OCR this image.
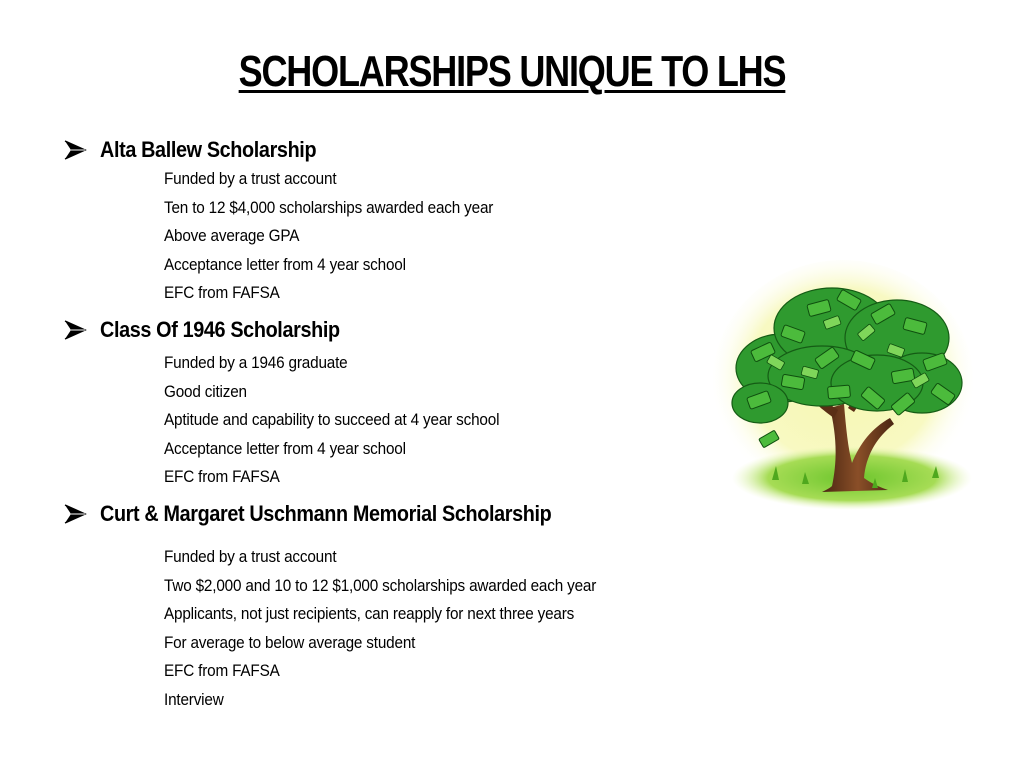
SCHOLARSHIPS UNIQUE TO LHS
Alta Ballew Scholarship
Funded by a trust account
Ten to 12 $4,000 scholarships awarded each year
Above average GPA
Acceptance letter from 4 year school
EFC from FAFSA
Class Of 1946 Scholarship
Funded by a 1946 graduate
Good citizen
Aptitude and capability to succeed at 4 year school
Acceptance letter from 4 year school
EFC from FAFSA
Curt & Margaret Uschmann Memorial Scholarship
Funded by a trust account
Two $2,000 and 10 to 12 $1,000 scholarships awarded each year
Applicants, not just recipients, can reapply for next three years
For average to below average student
EFC from FAFSA
Interview
